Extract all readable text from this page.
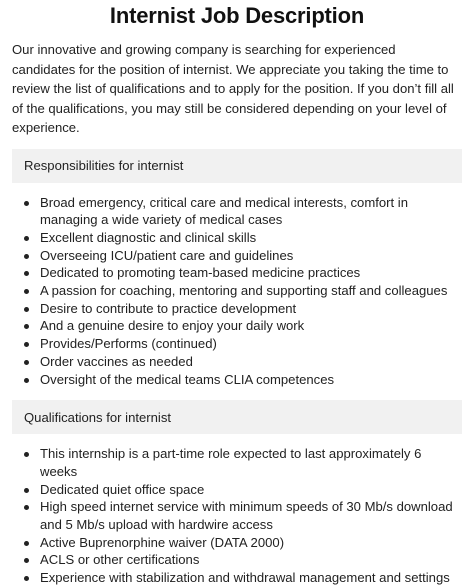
Internist Job Description

Our innovative and growing company is searching for experienced candidates for the position of internist. We appreciate you taking the time to review the list of qualifications and to apply for the position. If you don’t fill all of the qualifications, you may still be considered depending on your level of experience.

Responsibilities for internist
Broad emergency, critical care and medical interests, comfort in managing a wide variety of medical cases
Excellent diagnostic and clinical skills
Overseeing ICU/patient care and guidelines
Dedicated to promoting team-based medicine practices
A passion for coaching, mentoring and supporting staff and colleagues
Desire to contribute to practice development
And a genuine desire to enjoy your daily work
Provides/Performs (continued)
Order vaccines as needed
Oversight of the medical teams CLIA competences
Qualifications for internist
This internship is a part-time role expected to last approximately 6 weeks
Dedicated quiet office space
High speed internet service with minimum speeds of 30 Mb/s download and 5 Mb/s upload with hardwire access
Active Buprenorphine waiver (DATA 2000)
ACLS or other certifications
Experience with stabilization and withdrawal management and settings
